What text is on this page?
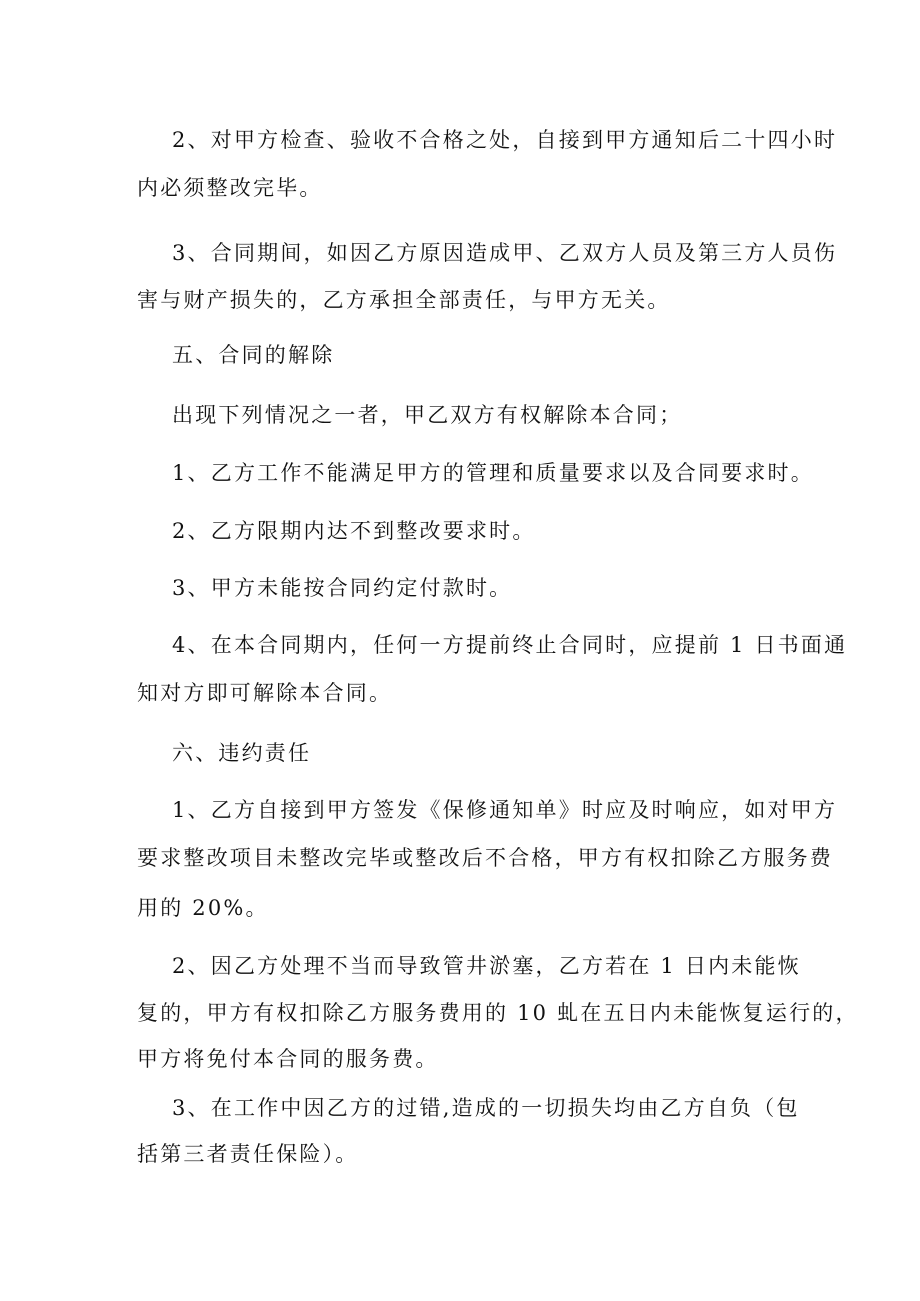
2、对甲方检查、验收不合格之处，自接到甲方通知后二十四小时
内必须整改完毕。
3、合同期间，如因乙方原因造成甲、乙双方人员及第三方人员伤
害与财产损失的，乙方承担全部责任，与甲方无关。
五、合同的解除
出现下列情况之一者，甲乙双方有权解除本合同；
1、乙方工作不能满足甲方的管理和质量要求以及合同要求时。
2、乙方限期内达不到整改要求时。
3、甲方未能按合同约定付款时。
4、在本合同期内，任何一方提前终止合同时，应提前 1 日书面通
知对方即可解除本合同。
六、违约责任
1、乙方自接到甲方签发《保修通知单》时应及时响应，如对甲方
要求整改项目未整改完毕或整改后不合格，甲方有权扣除乙方服务费
用的 20%。
2、因乙方处理不当而导致管井淤塞，乙方若在 1 日内未能恢
复的，甲方有权扣除乙方服务费用的 10 虬在五日内未能恢复运行的，
甲方将免付本合同的服务费。
3、在工作中因乙方的过错,造成的一切损失均由乙方自负（包
括第三者责任保险）。
